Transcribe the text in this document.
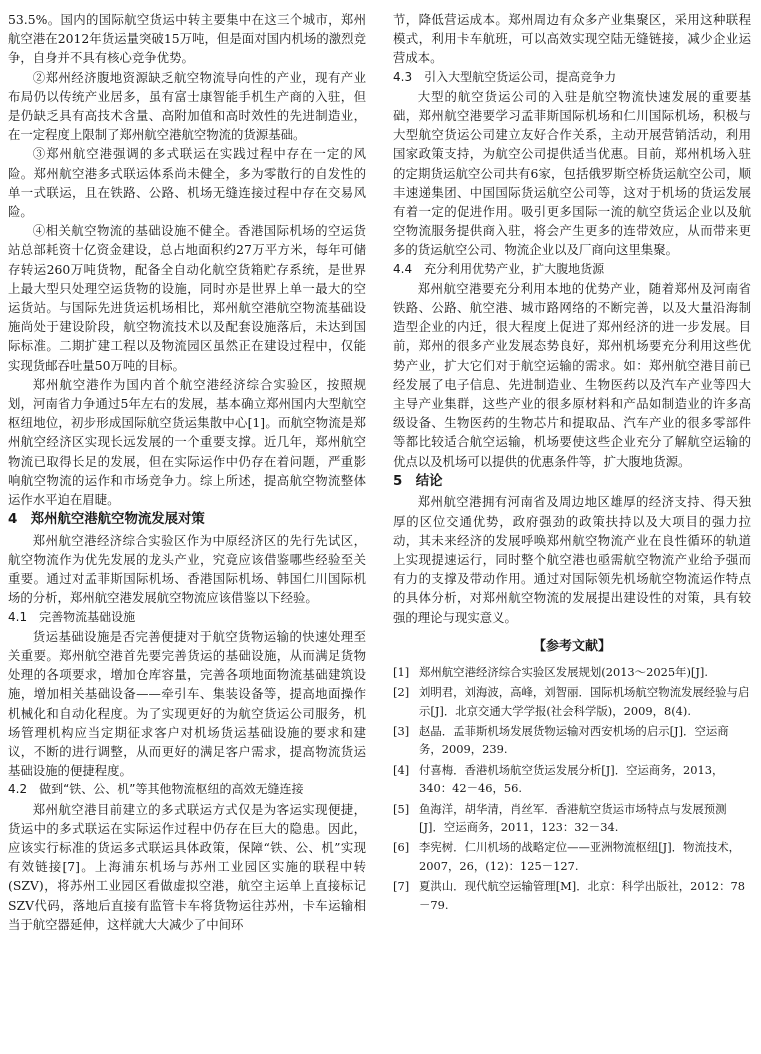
53.5%。国内的国际航空货运中转主要集中在这三个城市，郑州航空港在2012年货运量突破15万吨，但是面对国内机场的激烈竞争，自身并不具有核心竞争优势。

②郑州经济腹地资源缺乏航空物流导向性的产业，现有产业布局仍以传统产业居多，虽有富士康智能手机生产商的入驻，但是仍缺乏具有高技术含量、高附加值和高时效性的先进制造业，在一定程度上限制了郑州航空港航空物流的货源基础。

③郑州航空港强调的多式联运在实践过程中存在一定的风险。郑州航空港多式联运体系尚未健全，多为零散行的自发性的单一式联运，且在铁路、公路、机场无缝连接过程中存在交易风险。

④相关航空物流的基础设施不健全。香港国际机场的空运货站总部耗资十亿资金建设，总占地面积约27万平方米，每年可储存转运260万吨货物，配备全自动化航空货箱贮存系统，是世界上最大型只处理空运货物的设施，同时亦是世界上单一最大的空运货站。与国际先进货运机场相比，郑州航空港航空物流基础设施尚处于建设阶段，航空物流技术以及配套设施落后，未达到国际标准。二期扩建工程以及物流园区虽然正在建设过程中，仅能实现货邮吞吐量50万吨的目标。

郑州航空港作为国内首个航空港经济综合实验区，按照规划，河南省力争通过5年左右的发展，基本确立郑州国内大型航空枢纽地位，初步形成国际航空货运集散中心[1]。而航空物流是郑州航空经济区实现长远发展的一个重要支撑。近几年，郑州航空物流已取得长足的发展，但在实际运作中仍存在着问题，严重影响航空物流的运作和市场竞争力。综上所述，提高航空物流整体运作水平迫在眉睫。

4　郑州航空港航空物流发展对策

郑州航空港经济综合实验区作为中原经济区的先行先试区，航空物流作为优先发展的龙头产业，究竟应该借鉴哪些经验至关重要。通过对孟菲斯国际机场、香港国际机场、韩国仁川国际机场的分析，郑州航空港发展航空物流应该借鉴以下经验。

4.1　完善物流基础设施

货运基础设施是否完善便捷对于航空货物运输的快速处理至关重要。郑州航空港首先要完善货运的基础设施，从而满足货物处理的各项要求，增加仓库容量，完善各项地面物流基础建筑设施，增加相关基础设备——牵引车、集装设备等，提高地面操作机械化和自动化程度。为了实现更好的为航空货运公司服务，机场管理机构应当定期征求客户对机场货运基础设施的要求和建议，不断的进行调整，从而更好的满足客户需求，提高物流货运基础设施的便捷程度。

4.2　做到“铁、公、机”等其他物流枢纽的高效无缝连接

郑州航空港目前建立的多式联运方式仅是为客运实现便捷，货运中的多式联运在实际运作过程中仍存在巨大的隐患。因此，应该实行标准的货运多式联运具体政策，保障“铁、公、机”实现有效链接[7]。上海浦东机场与苏州工业园区实施的联程中转(SZV)，将苏州工业园区看做虚拟空港，航空主运单上直接标记SZV代码，落地后直接有监管卡车将货物运往苏州，卡车运输相当于航空器延伸，这样就大大减少了中间环

节，降低营运成本。郑州周边有众多产业集聚区，采用这种联程模式，利用卡车航班，可以高效实现空陆无缝链接，减少企业运营成本。

4.3　引入大型航空货运公司，提高竞争力

大型的航空货运公司的入驻是航空物流快速发展的重要基础，郑州航空港要学习孟菲斯国际机场和仁川国际机场，积极与大型航空货运公司建立友好合作关系，主动开展营销活动，利用国家政策支持，为航空公司提供适当优惠。目前，郑州机场入驻的定期货运航空公司共有6家，包括俄罗斯空桥货运航空公司，顺丰速递集团、中国国际货运航空公司等，这对于机场的货运发展有着一定的促进作用。吸引更多国际一流的航空货运企业以及航空物流服务提供商入驻，将会产生更多的连带效应，从而带来更多的货运航空公司、物流企业以及厂商向这里集聚。

4.4　充分利用优势产业，扩大腹地货源

郑州航空港要充分利用本地的优势产业，随着郑州及河南省铁路、公路、航空港、城市路网络的不断完善，以及大量沿海制造型企业的内迁，很大程度上促进了郑州经济的进一步发展。目前，郑州的很多产业发展态势良好，郑州机场要充分利用这些优势产业，扩大它们对于航空运输的需求。如：郑州航空港目前已经发展了电子信息、先进制造业、生物医药以及汽车产业等四大主导产业集群，这些产业的很多原材料和产品如制造业的许多高级设备、生物医药的生物芯片和提取品、汽车产业的很多零部件等都比较适合航空运输，机场要使这些企业充分了解航空运输的优点以及机场可以提供的优惠条件等，扩大腹地货源。

5　结论

郑州航空港拥有河南省及周边地区雄厚的经济支持、得天独厚的区位交通优势，政府强劲的政策扶持以及大项目的强力拉动，其未来经济的发展呼唤郑州航空物流产业在良性循环的轨道上实现提速运行，同时整个航空港也亟需航空物流产业给予强而有力的支撑及带动作用。通过对国际领先机场航空物流运作特点的具体分析，对郑州航空物流的发展提出建设性的对策，具有较强的理论与现实意义。

【参考文献】
[1] 郑州航空港经济综合实验区发展规划(2013～2025年)[J].
[2] 刘明君，刘海波，高峰，刘智丽．国际机场航空物流发展经验与启示[J]．北京交通大学学报(社会科学版)，2009，8(4).
[3] 赵晶．孟菲斯机场发展货物运输对西安机场的启示[J]．空运商务，2009，239.
[4] 付喜梅．香港机场航空货运发展分析[J]．空运商务，2013，340：42－46，56.
[5] 鱼海洋，胡华清，肖丝军．香港航空货运市场特点与发展预测[J]．空运商务，2011，123：32－34.
[6] 李宪树．仁川机场的战略定位——亚洲物流枢纽[J]．物流技术，2007，26，(12)：125－127.
[7] 夏洪山．现代航空运输管理[M]．北京：科学出版社，2012：78－79.
